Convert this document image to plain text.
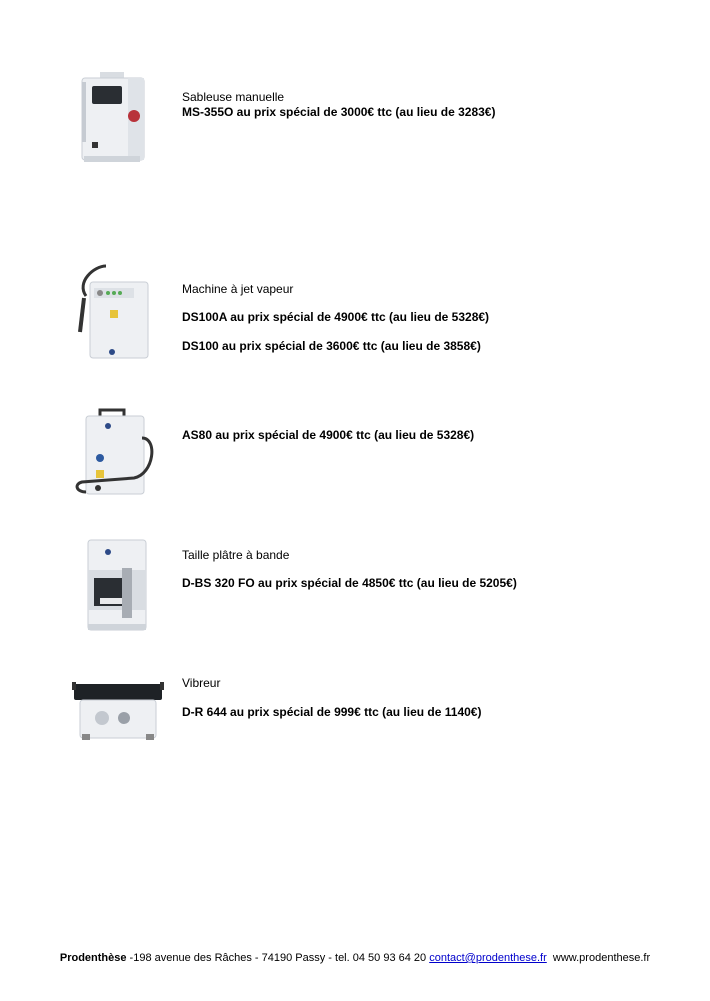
Sableuse manuelle
MS-355O au prix spécial de 3000€ ttc (au lieu de 3283€)
Machine à jet vapeur
DS100A au prix spécial de 4900€ ttc (au lieu de 5328€)
DS100 au prix spécial de 3600€ ttc (au lieu de 3858€)
AS80 au prix spécial de 4900€ ttc (au lieu de 5328€)
Taille plâtre à bande
D-BS 320 FO au prix spécial de 4850€ ttc (au lieu de 5205€)
Vibreur
D-R 644 au prix spécial de 999€ ttc (au lieu de 1140€)
Prodenthèse -198 avenue des Râches - 74190 Passy - tel. 04 50 93 64 20 contact@prodenthese.fr www.prodenthese.fr
